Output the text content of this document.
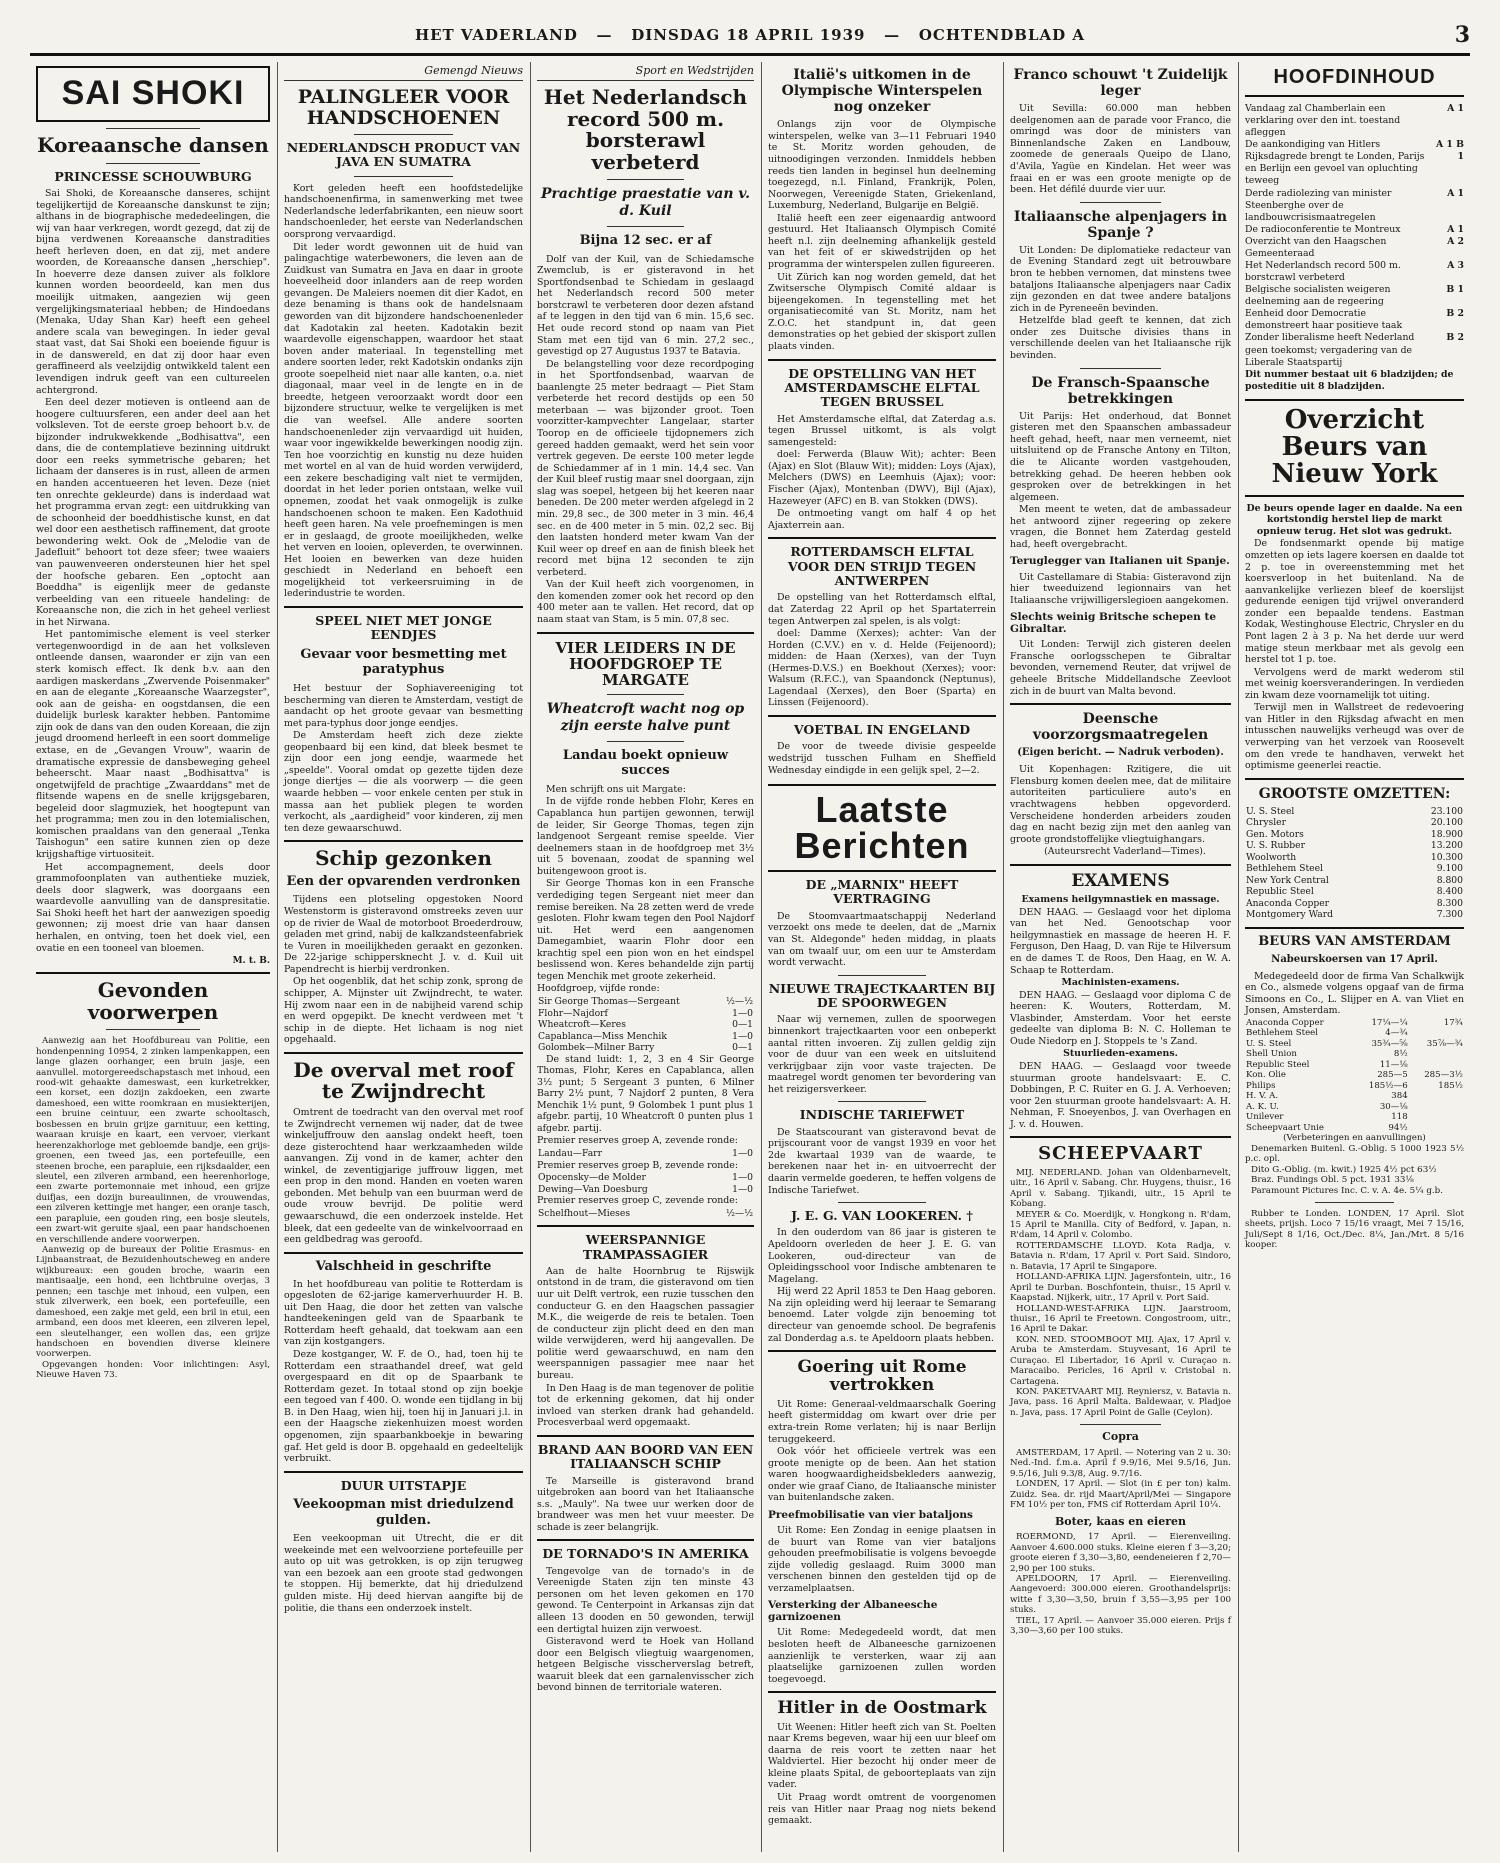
HET VADERLAND   —   DINSDAG 18 APRIL 1939   —   OCHTENDBLAD A	3
SAI SHOKI
Koreaansche dansen
PRINCESSE SCHOUWBURG

Sai Shoki, de Koreaansche danseres, schijnt tegelijkertijd de Koreaansche danskunst te zijn; althans in de biographische mededeelingen, die wij van haar verkregen, wordt gezegd, dat zij de bijna verdwenen Koreaansche danstradities heeft herleven doen, en dat zij, met andere woorden, de Koreaansche dansen „herschiep". In hoeverre deze dansen zuiver als folklore kunnen worden beoordeeld, kan men dus moeilijk uitmaken, aangezien wij geen vergelijkingsmateriaal hebben; de Hindoedans (Menaka, Uday Shan Kar) heeft een geheel andere scala van bewegingen. In ieder geval staat vast, dat Sai Shoki een boeiende figuur is in de danswereld, en dat zij door haar even geraffineerd als veelzijdig ontwikkeld talent een levendigen indruk geeft van een cultureelen achtergrond.

Een deel dezer motieven is ontleend aan de hoogere cultuursferen, een ander deel aan het volksleven. Tot de eerste groep behoort b.v. de bijzonder indrukwekkende „Bodhisattva", een dans, die de contemplatieve bezinning uitdrukt door een reeks symmetrische gebaren; het lichaam der danseres is in rust, alleen de armen en handen accentueeren het leven. Deze (niet ten onrechte gekleurde) dans is inderdaad wat het programma ervan zegt: een uitdrukking van de schoonheid der boeddhistische kunst, en dat wel door een aesthetisch raffinement, dat groote bewondering wekt. Ook de „Melodie van de Jadefluit" behoort tot deze sfeer; twee waaiers van pauwenveeren ondersteunen hier het spel der hoofsche gebaren. Een „optocht aan Boeddha" is eigenlijk meer de gedanste verbeelding van een ritueele handeling: de Koreaansche non, die zich in het geheel verliest in het Nirwana.

Het pantomimische element is veel sterker vertegenwoordigd in de aan het volksleven ontleende dansen, waaronder er zijn van een sterk komisch effect. Ik denk b.v. aan den aardigen maskerdans „Zwervende Poisenmaker" en aan de elegante „Koreaansche Waarzegster", ook aan de geisha- en oogstdansen, die een duidelijk burlesk karakter hebben. Pantomime zijn ook de dans van den ouden Koreaan, die zijn jeugd droomend herleeft in een soort dommelige extase, en de „Gevangen Vrouw", waarin de dramatische expressie de dansbeweging geheel beheerscht. Maar naast „Bodhisattva" is ongetwijfeld de prachtige „Zwaarddans" met de flitsende wapens en de snelle krijgsgebaren, begeleid door slagmuziek, het hoogtepunt van het programma; men zou in den lotemialischen, komischen praaldans van den generaal „Tenka Taishogun" een satire kunnen zien op deze krijgshaftige virtuositeit.

Het accompagnement, deels door grammofoonplaten van authentieke muziek, deels door slagwerk, was doorgaans een waardevolle aanvulling van de danspresitatie. Sai Shoki heeft het hart der aanwezigen spoedig gewonnen; zij moest drie van haar dansen herhalen, en ontving, toen het doek viel, een ovatie en een tooneel van bloemen.

M. t. B.
Gevonden voorwerpen

Aanwezig aan het Hoofdbureau van Politie, een hondenpenning 10954, 2 zinken lampenkappen, een lange glazen oorhanger, een bruin jasje, een aanvullel. motorgereedschapstasch met inhoud, een rood-wit gehaakte dameswast, een kurketrekker, een korset, een dozijn zakdoeken, een zwarte dameshoed, een witte roomkraan en musiekterijen, een bruine ceintuur, een zwarte schooltasch, bosbessen en bruin grijze garnituur, een ketting, waaraan kruisje en kaart, een vervoer, vierkant heerenzakhorloge met gebloemde bandje, een grijs-groenen, een tweed jas, een portefeuille, een steenen broche, een parapluie, een rijksdaalder, een sleutel, een zilveren armband, een heerenhorloge, een zwarte portemonnaie met inhoud, een grijze duifjas, een dozijn bureaulinnen, de vrouwendas, een zilveren kettingje met hanger, een oranje tasch, een parapluie, een gouden ring, een bosje sleutels, een zwart-wit geruite sjaal, een paar handschoenen en verschillende andere voorwerpen.

Aanwezig op de bureaux der Politie Erasmus- en Lijnbaanstraat, de Bezuidenhoutscheweg en andere wijkbureaux: een gouden broche, waarin een mantisaalje, een hond, een lichtbruine overjas, 3 pennen; een taschje met inhoud, een vulpen, een stuk zilverwerk, een boek, een portefeuille, een dameshoed, een zakje met geld, een bril in etui, een armband, een doos met kleeren, een zilveren lepel, een sleutelhanger, een wollen das, een grijze handschoen en bovendien diverse kleinere voorwerpen.

Opgevangen honden: Voor inlichtingen: Asyl, Nieuwe Haven 73.

Gemengd Nieuws
PALINGLEER VOOR HANDSCHOENEN
NEDERLANDSCH PRODUCT VAN JAVA EN SUMATRA

Kort geleden heeft een hoofdstedelijke handschoenenfirma, in samenwerking met twee Nederlandsche lederfabrikanten, een nieuw soort handschoenleder, het eerste van Nederlandschen oorsprong vervaardigd.

Dit leder wordt gewonnen uit de huid van palingachtige waterbewoners, die leven aan de Zuidkust van Sumatra en Java en daar in groote hoeveelheid door inlanders aan de reep worden gevangen. De Maleiers noemen dit dier Kadot, en deze benaming is thans ook de handelsnaam geworden van dit bijzondere handschoenenleder dat Kadotakin zal heeten. Kadotakin bezit waardevolle eigenschappen, waardoor het staat boven ander materiaal. In tegenstelling met andere soorten leder, rekt Kadotskin ondanks zijn groote soepelheid niet naar alle kanten, o.a. niet diagonaal, maar veel in de lengte en in de breedte, hetgeen veroorzaakt wordt door een bijzondere structuur, welke te vergelijken is met die van weefsel. Alle andere soorten handschoenenleder zijn vervaardigd uit huiden, waar voor ingewikkelde bewerkingen noodig zijn. Ten hoe voorzichtig en kunstig nu deze huiden met wortel en al van de huid worden verwijderd, een zekere beschadiging valt niet te vermijden, doordat in het leder porien ontstaan, welke vuil opnemen, zoodat het vaak onmogelijk is zulke handschoenen schoon te maken. Een Kadothuid heeft geen haren. Na vele proefnemingen is men er in geslaagd, de groote moeilijkheden, welke het verven en looien, opleverden, te overwinnen. Het looien en bewerken van deze huiden geschiedt in Nederland en behoeft een mogelijkheid tot verkeersruiming in de lederindustrie te worden.

SPEEL NIET MET JONGE EENDJES
Gevaar voor besmetting met paratyphus

Het bestuur der Sophiavereeniging tot bescherming van dieren te Amsterdam, vestigt de aandacht op het groote gevaar van besmetting met para-typhus door jonge eendjes.

De Amsterdam heeft zich deze ziekte geopenbaard bij een kind, dat bleek besmet te zijn door een jong eendje, waarmede het „speelde". Vooral omdat op gezette tijden deze jonge diertjes — die als voorwerp — die geen waarde hebben — voor enkele centen per stuk in massa aan het publiek plegen te worden verkocht, als „aardigheid" voor kinderen, zij men ten deze gewaarschuwd.

Schip gezonken
Een der opvarenden verdronken

Tijdens een plotseling opgestoken Noord Westenstorm is gisteravond omstreeks zeven uur op de rivier de Waal de motorboot Broederdrouw, geladen met grind, nabij de kalkzandsteenfabriek te Vuren in moeilijkheden geraakt en gezonken. De 22-jarige schippersknecht J. v. d. Kuil uit Papendrecht is hierbij verdronken.

Op het oogenblik, dat het schip zonk, sprong de schipper, A. Mijnster uit Zwijndrecht, te water. Hij zwom naar een in de nabijheid varend schip en werd opgepikt. De knecht verdween met 't schip in de diepte. Het lichaam is nog niet opgehaald.

De overval met roof te Zwijndrecht

Omtrent de toedracht van den overval met roof te Zwijndrecht vernemen wij nader, dat de twee winkeljuffrouw den aanslag ondekt heeft, toen deze gisterochtend haar werkzaamheden wilde aanvangen. Zij vond in de kamer, achter den winkel, de zeventigjarige juffrouw liggen, met een prop in den mond. Handen en voeten waren gebonden. Met behulp van een buurman werd de oude vrouw bevrijd. De politie werd gewaarschuwd, die een onderzoek instelde. Het bleek, dat een gedeelte van de winkelvoorraad en een geldbedrag was geroofd.

Valschheid in geschrifte

In het hoofdbureau van politie te Rotterdam is opgesloten de 62-jarige kamerverhuurder H. B. uit Den Haag, die door het zetten van valsche handteekeningen geld van de Spaarbank te Rotterdam heeft gehaald, dat toekwam aan een van zijn kostgangers.

Deze kostganger, W. F. de O., had, toen hij te Rotterdam een straathandel dreef, wat geld overgespaard en dit op de Spaarbank te Rotterdam gezet. In totaal stond op zijn boekje een tegoed van f 400. O. wonde een tijdlang in bij B. in Den Haag, wien hij, toen hij in Januari j.l. in een der Haagsche ziekenhuizen moest worden opgenomen, zijn spaarbankboekje in bewaring gaf. Het geld is door B. opgehaald en gedeeltelijk verbruikt.

DUUR UITSTAPJE
Veekoopman mist driedulzend gulden.

Een veekoopman uit Utrecht, die er dit weekeinde met een welvoorziene portefeuille per auto op uit was getrokken, is op zijn terugweg van een bezoek aan een groote stad gedwongen te stoppen. Hij bemerkte, dat hij driedulzend gulden miste. Hij deed hiervan aangifte bij de politie, die thans een onderzoek instelt.

Sport en Wedstrijden
Het Nederlandsch record 500 m. borsterawl verbeterd
Prachtige praestatie van v. d. Kuil
Bijna 12 sec. er af

Dolf van der Kuil, van de Schiedamsche Zwemclub, is er gisteravond in het Sportfondsenbad te Schiedam in geslaagd het Nederlandsch record 500 meter borstcrawl te verbeteren door dezen afstand af te leggen in den tijd van 6 min. 15,6 sec. Het oude record stond op naam van Piet Stam met een tijd van 6 min. 27,2 sec., gevestigd op 27 Augustus 1937 te Batavia.

De belangstelling voor deze recordpoging in het Sportfondsenbad, waarvan de baanlengte 25 meter bedraagt — Piet Stam verbeterde het record destijds op een 50 meterbaan — was bijzonder groot. Toen voorzitter-kampvechter Langelaar, starter Toorop en de officieele tijdopnemers zich gereed hadden gemaakt, werd het sein voor vertrek gegeven. De eerste 100 meter legde de Schiedammer af in 1 min. 14,4 sec. Van der Kuil bleef rustig maar snel doorgaan, zijn slag was soepel, hetgeen bij het keeren naar beneden. De 200 meter werden afgelegd in 2 min. 29,8 sec., de 300 meter in 3 min. 46,4 sec. en de 400 meter in 5 min. 02,2 sec. Bij den laatsten honderd meter kwam Van der Kuil weer op dreef en aan de finish bleek het record met bijna 12 seconden te zijn verbeterd.

Van der Kuil heeft zich voorgenomen, in den komenden zomer ook het record op den 400 meter aan te vallen. Het record, dat op naam staat van Stam, is 5 min. 07,8 sec.

VIER LEIDERS IN DE HOOFDGROEP TE MARGATE
Wheatcroft wacht nog op zijn eerste halve punt
Landau boekt opnieuw succes

Men schrijft ons uit Margate:

In de vijfde ronde hebben Flohr, Keres en Capablanca hun partijen gewonnen, terwijl de leider, Sir George Thomas, tegen zijn landgenoot Sergeant remise speelde. Vier deelnemers staan in de hoofdgroep met 3½ uit 5 bovenaan, zoodat de spanning wel buitengewoon groot is.

Sir George Thomas kon in een Fransche verdediging tegen Sergeant niet meer dan remise bereiken. Na 28 zetten werd de vrede gesloten. Flohr kwam tegen den Pool Najdorf uit. Het werd een aangenomen Damegambiet, waarin Flohr door een krachtig spel een pion won en het eindspel beslissend won. Keres behandelde zijn partij tegen Menchik met groote zekerheid.

Hoofdgroep, vijfde ronde:

Sir George Thomas—Sergeant	½—½
Flohr—Najdorf	1—0
Wheatcroft—Keres	0—1
Capablanca—Miss Menchik	1—0
Golombek—Milner Barry	0—1

De stand luidt: 1, 2, 3 en 4 Sir George Thomas, Flohr, Keres en Capablanca, allen 3½ punt; 5 Sergeant 3 punten, 6 Milner Barry 2½ punt, 7 Najdorf 2 punten, 8 Vera Menchik 1½ punt, 9 Golombek 1 punt plus 1 afgebr. partij, 10 Wheatcroft 0 punten plus 1 afgebr. partij.

Premier reserves groep A, zevende ronde:

Landau—Farr	1—0

Premier reserves groep B, zevende ronde:

Opocensky—de Molder	1—0
Dewing—Van Doesburg	1—0

Premier reserves groep C, zevende ronde:

Schelfhout—Mieses	½—½
WEERSPANNIGE TRAMPASSAGIER

Aan de halte Hoornbrug te Rijswijk ontstond in de tram, die gisteravond om tien uur uit Delft vertrok, een ruzie tusschen den conducteur G. en den Haagschen passagier M.K., die weigerde de reis te betalen. Toen de conducteur zijn plicht deed en den man wilde verwijderen, werd hij aangevallen. De politie werd gewaarschuwd, en nam den weerspannigen passagier mee naar het bureau.

In Den Haag is de man tegenover de politie tot de erkenning gekomen, dat hij onder invloed van sterken drank had gehandeld. Procesverbaal werd opgemaakt.

BRAND AAN BOORD VAN EEN ITALIAANSCH SCHIP

Te Marseille is gisteravond brand uitgebroken aan boord van het Italiaansche s.s. „Mauly". Na twee uur werken door de brandweer was men het vuur meester. De schade is zeer belangrijk.

DE TORNADO'S IN AMERIKA

Tengevolge van de tornado's in de Vereenigde Staten zijn ten minste 43 personen om het leven gekomen en 170 gewond. Te Centerpoint in Arkansas zijn dat alleen 13 dooden en 50 gewonden, terwijl een dertigtal huizen zijn verwoest.

Gisteravond werd te Hoek van Holland door een Belgisch vliegtuig waargenomen, hetgeen Belgische visscherverslag betreft, waaruit bleek dat een garnalenvisscher zich bevond binnen de territoriale wateren.

Italië's uitkomen in de Olympische Winterspelen nog onzeker

Onlangs zijn voor de Olympische winterspelen, welke van 3—11 Februari 1940 te St. Moritz worden gehouden, de uitnoodigingen verzonden. Inmiddels hebben reeds tien landen in beginsel hun deelneming toegezegd, n.l. Finland, Frankrijk, Polen, Noorwegen, Vereenigde Staten, Griekenland, Luxemburg, Nederland, Bulgarije en België.

Italië heeft een zeer eigenaardig antwoord gestuurd. Het Italiaansch Olympisch Comité heeft n.l. zijn deelneming afhankelijk gesteld van het feit of er skiwedstrijden op het programma der winterspelen zullen figureeren.

Uit Zürich kan nog worden gemeld, dat het Zwitsersche Olympisch Comité aldaar is bijeengekomen. In tegenstelling met het organisatiecomité van St. Moritz, nam het Z.O.C. het standpunt in, dat geen demonstraties op het gebied der skisport zullen plaats vinden.

DE OPSTELLING VAN HET AMSTERDAMSCHE ELFTAL TEGEN BRUSSEL

Het Amsterdamsche elftal, dat Zaterdag a.s. tegen Brussel uitkomt, is als volgt samengesteld:

doel: Ferwerda (Blauw Wit); achter: Been (Ajax) en Slot (Blauw Wit); midden: Loys (Ajax), Melchers (DWS) en Leemhuis (Ajax); voor: Fischer (Ajax), Montenban (DWV), Bijl (Ajax), Hazeweyer (AFC) en B. van Stokken (DWS).

De ontmoeting vangt om half 4 op het Ajaxterrein aan.

ROTTERDAMSCH ELFTAL VOOR DEN STRIJD TEGEN ANTWERPEN

De opstelling van het Rotterdamsch elftal, dat Zaterdag 22 April op het Spartaterrein tegen Antwerpen zal spelen, is als volgt:

doel: Damme (Xerxes); achter: Van der Horden (C.V.V.) en v. d. Helde (Feijenoord); midden: de Haan (Xerxes), van der Tuyn (Hermes-D.V.S.) en Boekhout (Xerxes); voor: Walsum (R.F.C.), van Spaandonck (Neptunus), Lagendaal (Xerxes), den Boer (Sparta) en Linssen (Feijenoord).

VOETBAL IN ENGELAND

De voor de tweede divisie gespeelde wedstrijd tusschen Fulham en Sheffield Wednesday eindigde in een gelijk spel, 2—2.

Laatste Berichten
DE „MARNIX" HEEFT VERTRAGING

De Stoomvaartmaatschappij Nederland verzoekt ons mede te deelen, dat de „Marnix van St. Aldegonde" heden middag, in plaats van om twaalf uur, om een uur te Amsterdam wordt verwacht.

NIEUWE TRAJECTKAARTEN BIJ DE SPOORWEGEN

Naar wij vernemen, zullen de spoorwegen binnenkort trajectkaarten voor een onbeperkt aantal ritten invoeren. Zij zullen geldig zijn voor de duur van een week en uitsluitend verkrijgbaar zijn voor vaste trajecten. De maatregel wordt genomen ter bevordering van het reizigersverkeer.

INDISCHE TARIEFWET

De Staatscourant van gisteravond bevat de prijscourant voor de vangst 1939 en voor het 2de kwartaal 1939 van de waarde, te berekenen naar het in- en uitvoerrecht der daarin vermelde goederen, te heffen volgens de Indische Tariefwet.

J. E. G. VAN LOOKEREN. †

In den ouderdom van 86 jaar is gisteren te Apeldoorn overleden de heer J. E. G. van Lookeren, oud-directeur van de Opleidingsschool voor Indische ambtenaren te Magelang.

Hij werd 22 April 1853 te Den Haag geboren. Na zijn opleiding werd hij leeraar te Semarang benoemd. Later volgde zijn benoeming tot directeur van genoemde school. De begrafenis zal Donderdag a.s. te Apeldoorn plaats hebben.

Goering uit Rome vertrokken

Uit Rome: Generaal-veldmaarschalk Goering heeft gistermiddag om kwart over drie per extra-trein Rome verlaten; hij is naar Berlijn teruggekeerd.

Ook vóór het officieele vertrek was een groote menigte op de been. Aan het station waren hoogwaardigheidsbekleders aanwezig, onder wie graaf Ciano, de Italiaansche minister van buitenlandsche zaken.

Preefmobilisatie van vier bataljons

Uit Rome: Een Zondag in eenige plaatsen in de buurt van Rome van vier bataljons gehouden preefmobilisatie is volgens bevoegde zijde volledig geslaagd. Ruim 3000 man verschenen binnen den gestelden tijd op de verzamelplaatsen.

Versterking der Albaneesche garnizoenen

Uit Rome: Medegedeeld wordt, dat men besloten heeft de Albaneesche garnizoenen aanzienlijk te versterken, waar zij aan plaatselijke garnizoenen zullen worden toegevoegd.

Hitler in de Oostmark

Uit Weenen: Hitler heeft zich van St. Poelten naar Krems begeven, waar hij een uur bleef om daarna de reis voort te zetten naar het Waldviertel. Hier bezocht hij onder meer de kleine plaats Spital, de geboorteplaats van zijn vader.

Uit Praag wordt omtrent de voorgenomen reis van Hitler naar Praag nog niets bekend gemaakt.

Franco schouwt 't Zuidelijk leger

Uit Sevilla: 60.000 man hebben deelgenomen aan de parade voor Franco, die omringd was door de ministers van Binnenlandsche Zaken en Landbouw, zoomede de generaals Queipo de Llano, d'Avila, Yagüe en Kindelan. Het weer was fraai en er was een groote menigte op de been. Het défilé duurde vier uur.

Italiaansche alpenjagers in Spanje ?

Uit Londen: De diplomatieke redacteur van de Evening Standard zegt uit betrouwbare bron te hebben vernomen, dat minstens twee bataljons Italiaansche alpenjagers naar Cadix zijn gezonden en dat twee andere bataljons zich in de Pyreneeën bevinden.

Hetzelfde blad geeft te kennen, dat zich onder zes Duitsche divisies thans in verschillende deelen van het Italiaansche rijk bevinden.

De Fransch-Spaansche betrekkingen

Uit Parijs: Het onderhoud, dat Bonnet gisteren met den Spaanschen ambassadeur heeft gehad, heeft, naar men verneemt, niet uitsluitend op de Fransche Antony en Tilton, die te Alicante worden vastgehouden, betrekking gehad. De heeren hebben ook gesproken over de betrekkingen in het algemeen.

Men meent te weten, dat de ambassadeur het antwoord zijner regeering op zekere vragen, die Bonnet hem Zaterdag gesteld had, heeft overgebracht.

Teruglegger van Italianen uit Spanje.

Uit Castellamare di Stabia: Gisteravond zijn hier tweeduizend legionnairs van het Italiaansche vrijwilligerslegioen aangekomen.

Slechts weinig Britsche schepen te Gibraltar.

Uit Londen: Terwijl zich gisteren deelen Fransche oorlogsschepen te Gibraltar bevonden, vernemend Reuter, dat vrijwel de geheele Britsche Middellandsche Zeevloot zich in de buurt van Malta bevond.

Deensche voorzorgsmaatregelen
(Eigen bericht. — Nadruk verboden).

Uit Kopenhagen: Rzitigere, die uit Flensburg komen deelen mee, dat de militaire autoriteiten particuliere auto's en vrachtwagens hebben opgevorderd. Verscheidene honderden arbeiders zouden dag en nacht bezig zijn met den aanleg van groote grondstoffelijke vliegtuighangars.

(Auteursrecht Vaderland—Times).

EXAMENS

Examens heilgymnastiek en massage.

DEN HAAG. — Geslaagd voor het diploma van het Ned. Genootschap voor heilgymnastiek en massage de heeren H. F. Ferguson, Den Haag, D. van Rije te Hilversum en de dames T. de Roos, Den Haag, en W. A. Schaap te Rotterdam.

Machinisten-examens.

DEN HAAG. — Geslaagd voor diploma C de heeren: K. Wouters, Rotterdam, M. Vlasbinder, Amsterdam. Voor het eerste gedeelte van diploma B: N. C. Holleman te Oude Niedorp en J. Stoppels te 's Zand.

Stuurlieden-examens.

DEN HAAG. — Geslaagd voor tweede stuurman groote handelsvaart: E. C. Dobbingen, P. C. Ruiter en G. J. A. Verhoeven; voor 2en stuurman groote handelsvaart: A. H. Nehman, F. Snoeyenbos, J. van Overhagen en J. v. d. Houwen.

SCHEEPVAART

MIJ. NEDERLAND. Johan van Oldenbarnevelt, uitr., 16 April v. Sabang. Chr. Huygens, thuisr., 16 April v. Sabang. Tjikandi, uitr., 15 April te Kobang.

MEYER & Co. Moerdijk, v. Hongkong n. R'dam, 15 April te Manilla. City of Bedford, v. Japan, n. R'dam, 14 April v. Colombo.

ROTTERDAMSCHE LLOYD. Kota Radja, v. Batavia n. R'dam, 17 April v. Port Said. Sindoro, n. Batavia, 17 April te Singapore.

HOLLAND-AFRIKA LIJN. Jagersfontein, uitr., 16 April te Durban. Boschfontein, thuisr., 15 April v. Kaapstad. Nijkerk, uitr., 17 April v. Port Said.

HOLLAND-WEST-AFRIKA LIJN. Jaarstroom, thuisr., 16 April te Freetown. Congostroom, uitr., 16 April te Dakar.

KON. NED. STOOMBOOT MIJ. Ajax, 17 April v. Aruba te Amsterdam. Stuyvesant, 16 April te Curaçao. El Libertador, 16 April v. Curaçao n. Maracaibo. Pericles, 16 April v. Cristobal n. Cartagena.

KON. PAKETVAART MIJ. Reyniersz, v. Batavia n. Java, pass. 16 April Malta. Baldewaar, v. Pladjoe n. Java, pass. 17 April Point de Galle (Ceylon).

Copra

AMSTERDAM, 17 April. — Notering van 2 u. 30: Ned.-Ind. f.m.a. April f 9.9/16, Mei 9.5/16, Jun. 9.5/16, Juli 9.3/8, Aug. 9.7/16.

LONDEN, 17 April. — Slot (in £ per ton) kalm. Zuidz. Sea. dr. rijd Maart/April/Mei — Singapore FM 10½ per ton, FMS cif Rotterdam April 10¼.

Boter, kaas en eieren

ROERMOND, 17 April. — Eierenveiling. Aanvoer 4.600.000 stuks. Kleine eieren f 3—3,20; groote eieren f 3,30—3,80, eendeneieren f 2,70—2,90 per 100 stuks.

APELDOORN, 17 April. — Eierenveiling. Aangevoerd: 300.000 eieren. Groothandelsprijs: witte f 3,30—3,50, bruin f 3,55—3,95 per 100 stuks.

TIEL, 17 April. — Aanvoer 35.000 eieren. Prijs f 3,30—3,60 per 100 stuks.

HOOFDINHOUD
Vandaag zal Chamberlain een verklaring over den int. toestand afleggen
A 1
De aankondiging van Hitlers Rijksdagrede brengt te Londen, Parijs en Berlijn een gevoel van opluchting teweeg
A 1 B 1
Derde radiolezing van minister Steenberghe over de landbouwcrisismaatregelen
A 1
De radioconferentie te Montreux	A 1
Overzicht van den Haagschen Gemeenteraad
A 2
Het Nederlandsch record 500 m. borstcrawl verbeterd
A 3
Belgische socialisten weigeren deelneming aan de regeering
B 1
Eenheid door Democratie demonstreert haar positieve taak
B 2
Zonder liberalisme heeft Nederland geen toekomst; vergadering van de Liberale Staatspartij
B 2
Dit nummer bestaat uit 6 bladzijden; de posteditie uit 8 bladzijden.
Overzicht Beurs van Nieuw York

De beurs opende lager en daalde. Na een kortstondig herstel liep de markt opnieuw terug. Het slot was gedrukt.

De fondsenmarkt opende bij matige omzetten op iets lagere koersen en daalde tot 2 p. toe in overeenstemming met het koersverloop in het buitenland. Na de aanvankelijke verliezen bleef de koerslijst gedurende eenigen tijd vrijwel onveranderd zonder een bepaalde tendens. Eastman Kodak, Westinghouse Electric, Chrysler en du Pont lagen 2 à 3 p. Na het derde uur werd matige steun merkbaar met als gevolg een herstel tot 1 p. toe.

Vervolgens werd de markt wederom stil met weinig koersveranderingen. In verdieden zin kwam deze voornamelijk tot uiting.

Terwijl men in Wallstreet de redevoering van Hitler in den Rijksdag afwacht en men intusschen nauwelijks verheugd was over de verwerping van het verzoek van Roosevelt om den vrede te handhaven, verwekt het optimisme geenerlei reactie.

GROOTSTE OMZETTEN:
U. S. Steel	23.100
Chrysler	20.100
Gen. Motors	18.900
U. S. Rubber	13.200
Woolworth	10.300
Bethlehem Steel	9.100
New York Central	8.800
Republic Steel	8.400
Anaconda Copper	8.300
Montgomery Ward	7.300
BEURS VAN AMSTERDAM
Nabeurskoersen van 17 April.

Medegedeeld door de firma Van Schalkwijk en Co., alsmede volgens opgaaf van de firma Simoons en Co., L. Slijper en A. van Vliet en Jonsen, Amsterdam.

Anaconda Copper	17¼—¼	17¾
Bethlehem Steel	4—¾	
U. S. Steel	35¾—⅝	35⅞—¾
Shell Union	8½	
Republic Steel	11—⅛	
Kon. Olie	285—5	285—3½
Philips	185½—6	185½
H. V. A.	384	
A. K. U.	30—⅛	
Unilever	118	
Scheepvaart Unie	94½	

(Verbeteringen en aanvullingen)

Denemarken Buitenl. G.-Oblig. 5 1000 1923 5½ p.c. opl.

Dito G.-Oblig. (m. kwit.) 1925 4½ pct 63½

Braz. Fundings Obl. 5 pct. 1931 33⅛

Paramount Pictures Inc. C. v. A. 4e. 5¼ g.b.

Rubber te Londen. LONDEN, 17 April. Slot sheets, prijsh. Loco 7 15/16 vraagt, Mei 7 15/16, Juli/Sept 8 1/16, Oct./Dec. 8¼, Jan./Mrt. 8 5/16 kooper.
